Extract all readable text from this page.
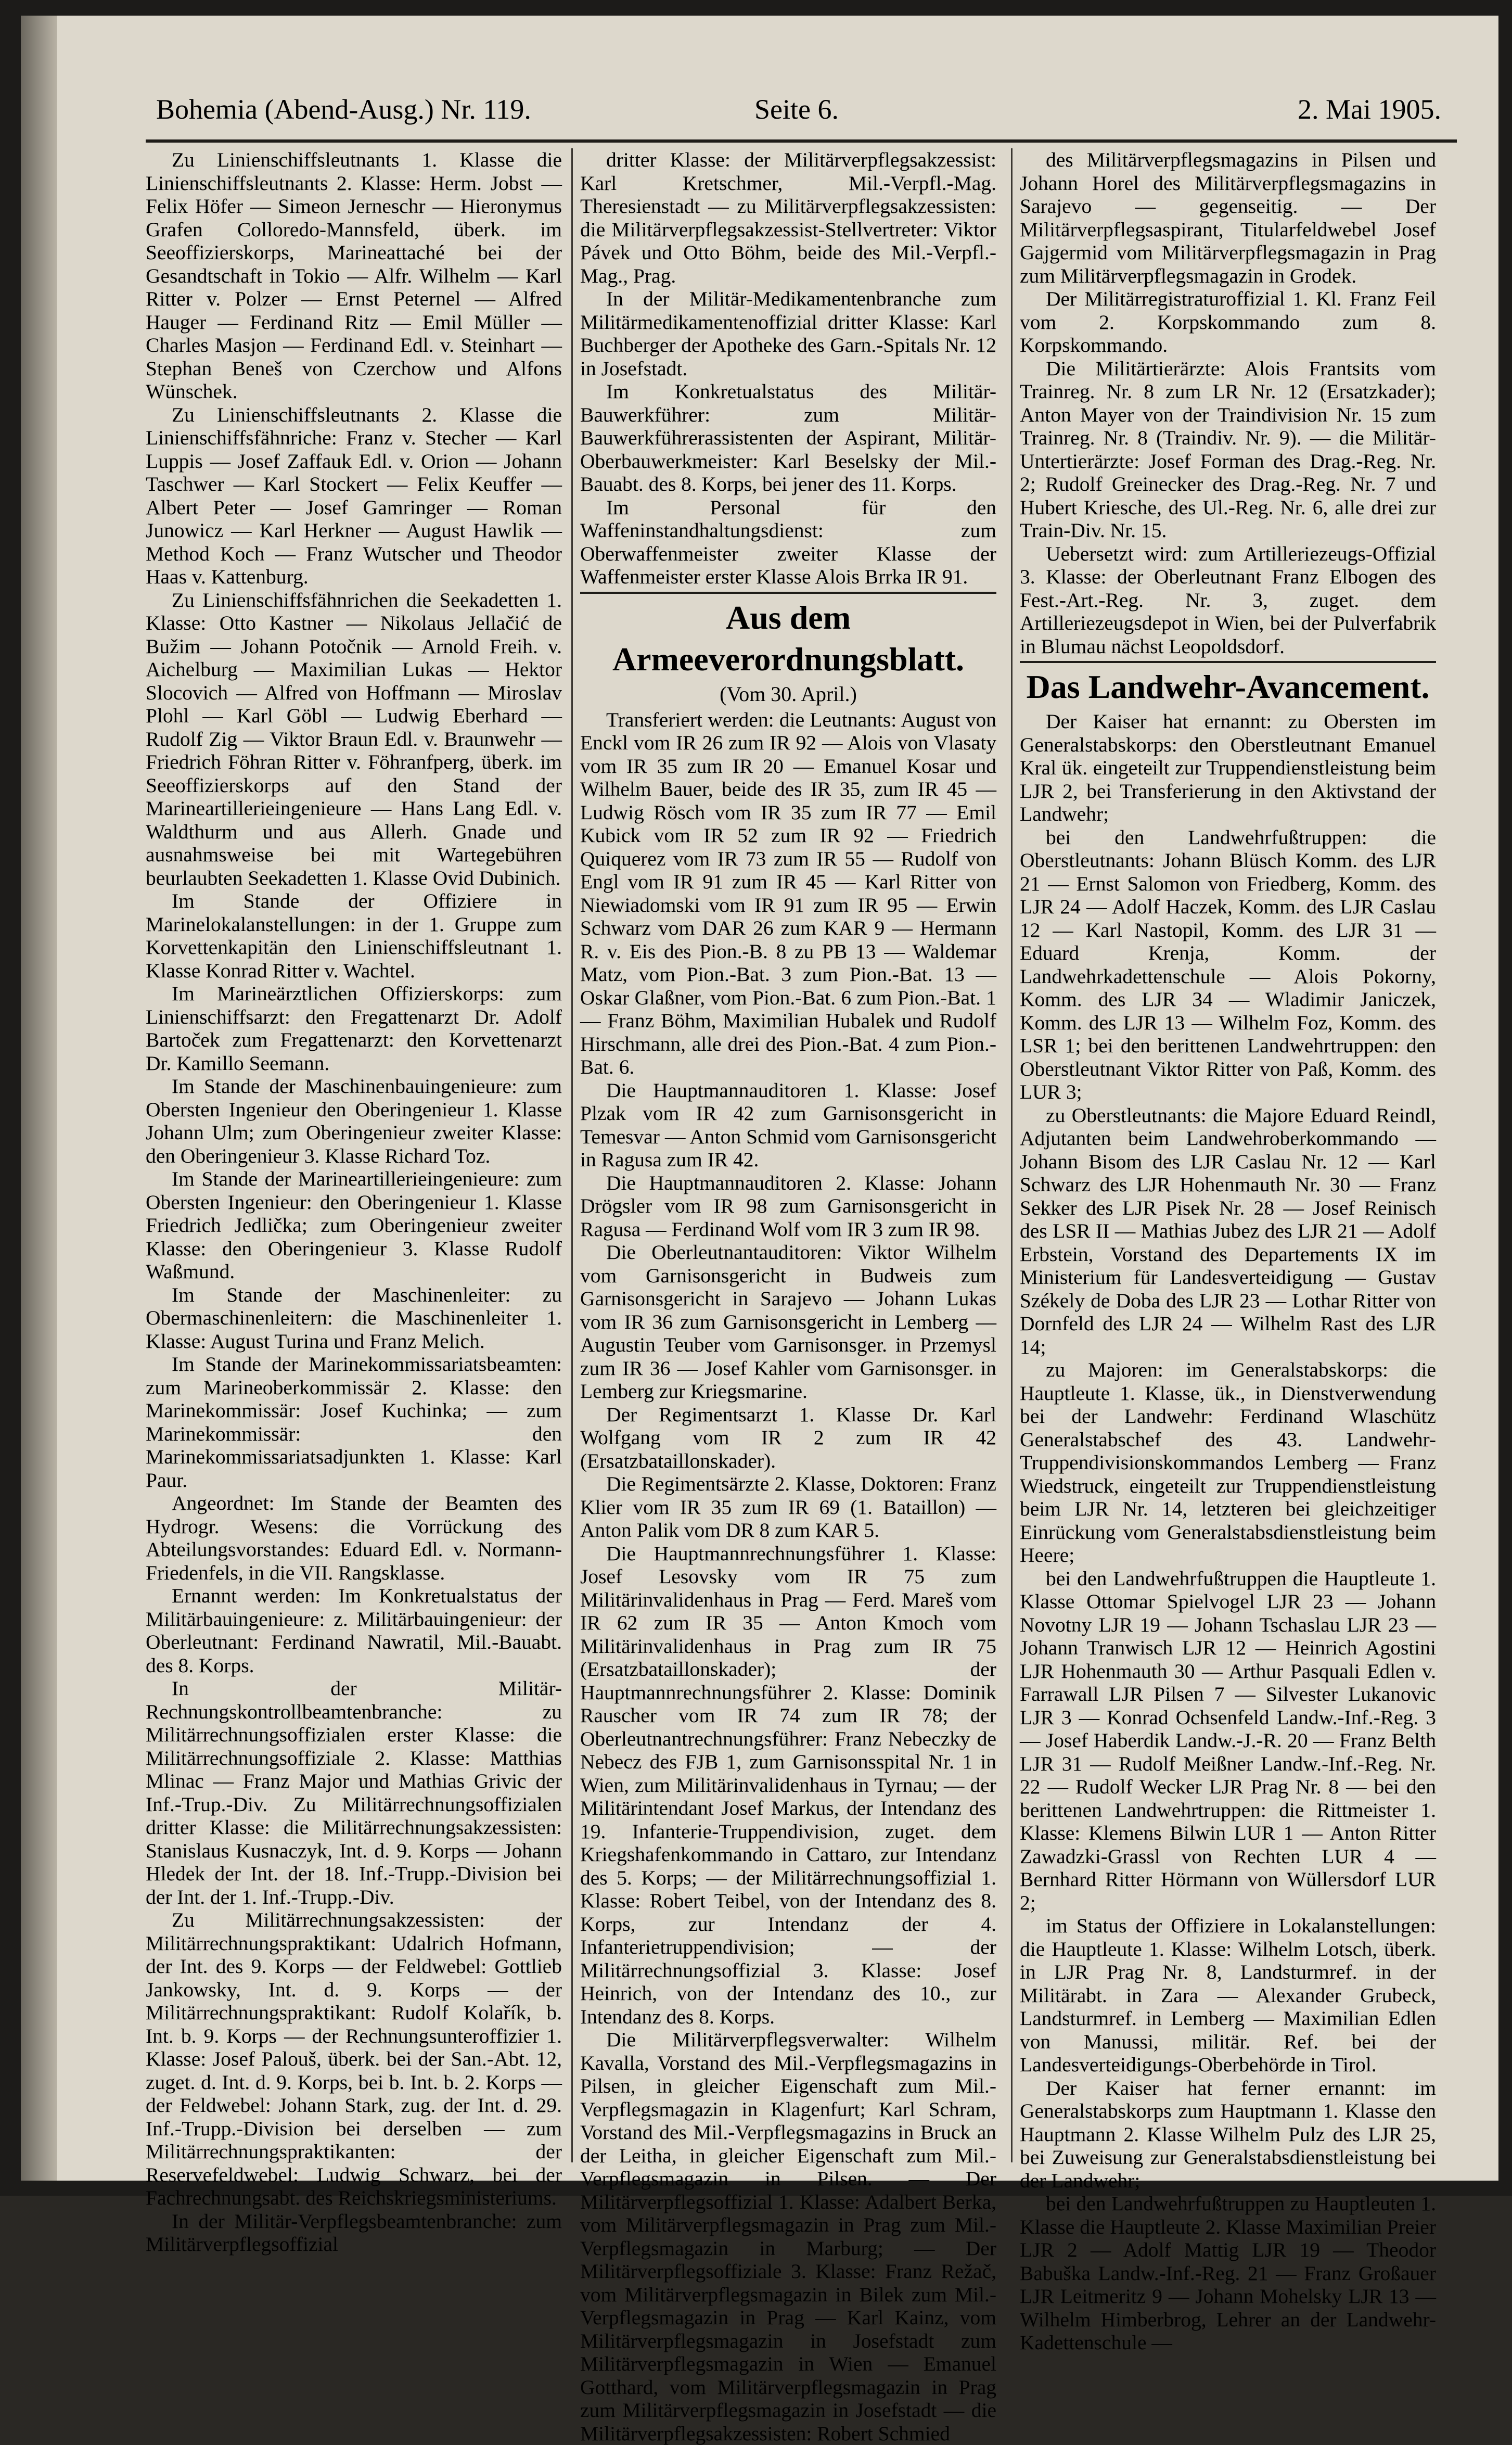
Bohemia (Abend-Ausg.) Nr. 119.	Seite 6.	2. Mai 1905.

Zu Linienschiffsleutnants 1. Klasse die Linienschiffsleutnants 2. Klasse: Herm. Jobst — Felix Höfer — Simeon Jerneschr — Hieronymus Grafen Colloredo-Mannsfeld, überk. im Seeoffizierskorps, Marineattaché bei der Gesandtschaft in Tokio — Alfr. Wilhelm — Karl Ritter v. Polzer — Ernst Peternel — Alfred Hauger — Ferdinand Ritz — Emil Müller — Charles Masjon — Ferdinand Edl. v. Steinhart — Stephan Beneš von Czerchow und Alfons Wünschek.

Zu Linienschiffsleutnants 2. Klasse die Linienschiffsfähnriche: Franz v. Stecher — Karl Luppis — Josef Zaffauk Edl. v. Orion — Johann Taschwer — Karl Stockert — Felix Keuffer — Albert Peter — Josef Gamringer — Roman Junowicz — Karl Herkner — August Hawlik — Method Koch — Franz Wutscher und Theodor Haas v. Kattenburg.

Zu Linienschiffsfähnrichen die Seekadetten 1. Klasse: Otto Kastner — Nikolaus Jellačić de Bužim — Johann Potočnik — Arnold Freih. v. Aichelburg — Maximilian Lukas — Hektor Slocovich — Alfred von Hoffmann — Miroslav Plohl — Karl Göbl — Ludwig Eberhard — Rudolf Zig — Viktor Braun Edl. v. Braunwehr — Friedrich Föhran Ritter v. Föhranfperg, überk. im Seeoffizierskorps auf den Stand der Marineartillerieingenieure — Hans Lang Edl. v. Waldthurm und aus Allerh. Gnade und ausnahmsweise bei mit Wartegebühren beurlaubten Seekadetten 1. Klasse Ovid Dubinich.

Im Stande der Offiziere in Marinelokalanstellungen: in der 1. Gruppe zum Korvettenkapitän den Linienschiffsleutnant 1. Klasse Konrad Ritter v. Wachtel.

Im Marineärztlichen Offizierskorps: zum Linienschiffsarzt: den Fregattenarzt Dr. Adolf Bartoček zum Fregattenarzt: den Korvettenarzt Dr. Kamillo Seemann.

Im Stande der Maschinenbauingenieure: zum Obersten Ingenieur den Oberingenieur 1. Klasse Johann Ulm; zum Oberingenieur zweiter Klasse: den Oberingenieur 3. Klasse Richard Toz.

Im Stande der Marineartillerieingenieure: zum Obersten Ingenieur: den Oberingenieur 1. Klasse Friedrich Jedlička; zum Oberingenieur zweiter Klasse: den Oberingenieur 3. Klasse Rudolf Waßmund.

Im Stande der Maschinenleiter: zu Obermaschinenleitern: die Maschinenleiter 1. Klasse: August Turina und Franz Melich.

Im Stande der Marinekommissariatsbeamten: zum Marineoberkommissär 2. Klasse: den Marinekommissär: Josef Kuchinka; — zum Marinekommissär: den Marinekommissariatsadjunkten 1. Klasse: Karl Paur.

Angeordnet: Im Stande der Beamten des Hydrogr. Wesens: die Vorrückung des Abteilungsvorstandes: Eduard Edl. v. Normann-Friedenfels, in die VII. Rangsklasse.

Ernannt werden: Im Konkretualstatus der Militärbauingenieure: z. Militärbauingenieur: der Oberleutnant: Ferdinand Nawratil, Mil.-Bauabt. des 8. Korps.

In der Militär-Rechnungskontrollbeamtenbranche: zu Militärrechnungsoffizialen erster Klasse: die Militärrechnungsoffiziale 2. Klasse: Matthias Mlinac — Franz Major und Mathias Grivic der Inf.-Trup.-Div. Zu Militärrechnungsoffizialen dritter Klasse: die Militärrechnungsakzessisten: Stanislaus Kusnaczyk, Int. d. 9. Korps — Johann Hledek der Int. der 18. Inf.-Trupp.-Division bei der Int. der 1. Inf.-Trupp.-Div.

Zu Militärrechnungsakzessisten: der Militärrechnungspraktikant: Udalrich Hofmann, der Int. des 9. Korps — der Feldwebel: Gottlieb Jankowsky, Int. d. 9. Korps — der Militärrechnungspraktikant: Rudolf Kolařík, b. Int. b. 9. Korps — der Rechnungsunteroffizier 1. Klasse: Josef Palouš, überk. bei der San.-Abt. 12, zuget. d. Int. d. 9. Korps, bei b. Int. b. 2. Korps — der Feldwebel: Johann Stark, zug. der Int. d. 29. Inf.-Trupp.-Division bei derselben — zum Militärrechnungspraktikanten: der Reservefeldwebel: Ludwig Schwarz, bei der Fachrechnungsabt. des Reichskriegsministeriums.

In der Militär-Verpflegsbeamtenbranche: zum Militärverpflegsoffizial

dritter Klasse: der Militärverpflegsakzessist: Karl Kretschmer, Mil.-Verpfl.-Mag. Theresienstadt — zu Militärverpflegsakzessisten: die Militärverpflegsakzessist-Stellvertreter: Viktor Pávek und Otto Böhm, beide des Mil.-Verpfl.-Mag., Prag.

In der Militär-Medikamentenbranche zum Militärmedikamentenoffizial dritter Klasse: Karl Buchberger der Apotheke des Garn.-Spitals Nr. 12 in Josefstadt.

Im Konkretualstatus des Militär-Bauwerkführer: zum Militär-Bauwerkführerassistenten der Aspirant, Militär-Oberbauwerkmeister: Karl Beselsky der Mil.-Bauabt. des 8. Korps, bei jener des 11. Korps.

Im Personal für den Waffeninstandhaltungsdienst: zum Oberwaffenmeister zweiter Klasse der Waffenmeister erster Klasse Alois Brrka IR 91.

Aus dem Armeeverordnungsblatt.
(Vom 30. April.)

Transferiert werden: die Leutnants: August von Enckl vom IR 26 zum IR 92 — Alois von Vlasaty vom IR 35 zum IR 20 — Emanuel Kosar und Wilhelm Bauer, beide des IR 35, zum IR 45 — Ludwig Rösch vom IR 35 zum IR 77 — Emil Kubick vom IR 52 zum IR 92 — Friedrich Quiquerez vom IR 73 zum IR 55 — Rudolf von Engl vom IR 91 zum IR 45 — Karl Ritter von Niewiadomski vom IR 91 zum IR 95 — Erwin Schwarz vom DAR 26 zum KAR 9 — Hermann R. v. Eis des Pion.-B. 8 zu PB 13 — Waldemar Matz, vom Pion.-Bat. 3 zum Pion.-Bat. 13 — Oskar Glaßner, vom Pion.-Bat. 6 zum Pion.-Bat. 1 — Franz Böhm, Maximilian Hubalek und Rudolf Hirschmann, alle drei des Pion.-Bat. 4 zum Pion.-Bat. 6.

Die Hauptmannauditoren 1. Klasse: Josef Plzak vom IR 42 zum Garnisonsgericht in Temesvar — Anton Schmid vom Garnisonsgericht in Ragusa zum IR 42.

Die Hauptmannauditoren 2. Klasse: Johann Drögsler vom IR 98 zum Garnisonsgericht in Ragusa — Ferdinand Wolf vom IR 3 zum IR 98.

Die Oberleutnantauditoren: Viktor Wilhelm vom Garnisonsgericht in Budweis zum Garnisonsgericht in Sarajevo — Johann Lukas vom IR 36 zum Garnisonsgericht in Lemberg — Augustin Teuber vom Garnisonsger. in Przemysl zum IR 36 — Josef Kahler vom Garnisonsger. in Lemberg zur Kriegsmarine.

Der Regimentsarzt 1. Klasse Dr. Karl Wolfgang vom IR 2 zum IR 42 (Ersatzbataillonskader).

Die Regimentsärzte 2. Klasse, Doktoren: Franz Klier vom IR 35 zum IR 69 (1. Bataillon) — Anton Palik vom DR 8 zum KAR 5.

Die Hauptmannrechnungsführer 1. Klasse: Josef Lesovsky vom IR 75 zum Militärinvalidenhaus in Prag — Ferd. Mareš vom IR 62 zum IR 35 — Anton Kmoch vom Militärinvalidenhaus in Prag zum IR 75 (Ersatzbataillonskader); der Hauptmannrechnungsführer 2. Klasse: Dominik Rauscher vom IR 74 zum IR 78; der Oberleutnantrechnungsführer: Franz Nebeczky de Nebecz des FJB 1, zum Garnisonsspital Nr. 1 in Wien, zum Militärinvalidenhaus in Tyrnau; — der Militärintendant Josef Markus, der Intendanz des 19. Infanterie-Truppendivision, zuget. dem Kriegshafenkommando in Cattaro, zur Intendanz des 5. Korps; — der Militärrechnungsoffizial 1. Klasse: Robert Teibel, von der Intendanz des 8. Korps, zur Intendanz der 4. Infanterietruppendivision; — der Militärrechnungsoffizial 3. Klasse: Josef Heinrich, von der Intendanz des 10., zur Intendanz des 8. Korps.

Die Militärverpflegsverwalter: Wilhelm Kavalla, Vorstand des Mil.-Verpflegsmagazins in Pilsen, in gleicher Eigenschaft zum Mil.-Verpflegsmagazin in Klagenfurt; Karl Schram, Vorstand des Mil.-Verpflegsmagazins in Bruck an der Leitha, in gleicher Eigenschaft zum Mil.-Verpflegsmagazin in Pilsen. — Der Militärverpflegsoffizial 1. Klasse: Adalbert Berka, vom Militärverpflegsmagazin in Prag zum Mil.-Verpflegsmagazin in Marburg; — Der Militärverpflegsoffiziale 3. Klasse: Franz Režač, vom Militärverpflegsmagazin in Bilek zum Mil.-Verpflegsmagazin in Prag — Karl Kainz, vom Militärverpflegsmagazin in Josefstadt zum Militärverpflegsmagazin in Wien — Emanuel Gotthard, vom Militärverpflegsmagazin in Prag zum Militärverpflegsmagazin in Josefstadt — die Militärverpflegsakzessisten: Robert Schmied

des Militärverpflegsmagazins in Pilsen und Johann Horel des Militärverpflegsmagazins in Sarajevo — gegenseitig. — Der Militärverpflegsaspirant, Titularfeldwebel Josef Gajgermid vom Militärverpflegsmagazin in Prag zum Militärverpflegsmagazin in Grodek.

Der Militärregistraturoffizial 1. Kl. Franz Feil vom 2. Korpskommando zum 8. Korpskommando.

Die Militärtierärzte: Alois Frantsits vom Trainreg. Nr. 8 zum LR Nr. 12 (Ersatzkader); Anton Mayer von der Traindivision Nr. 15 zum Trainreg. Nr. 8 (Traindiv. Nr. 9). — die Militär-Untertierärzte: Josef Forman des Drag.-Reg. Nr. 2; Rudolf Greinecker des Drag.-Reg. Nr. 7 und Hubert Kriesche, des Ul.-Reg. Nr. 6, alle drei zur Train-Div. Nr. 15.

Uebersetzt wird: zum Artilleriezeugs-Offizial 3. Klasse: der Oberleutnant Franz Elbogen des Fest.-Art.-Reg. Nr. 3, zuget. dem Artilleriezeugsdepot in Wien, bei der Pulverfabrik in Blumau nächst Leopoldsdorf.

Das Landwehr-Avancement.

Der Kaiser hat ernannt: zu Obersten im Generalstabskorps: den Oberstleutnant Emanuel Kral ük. eingeteilt zur Truppendienstleistung beim LJR 2, bei Transferierung in den Aktivstand der Landwehr;

bei den Landwehrfußtruppen: die Oberstleutnants: Johann Blüsch Komm. des LJR 21 — Ernst Salomon von Friedberg, Komm. des LJR 24 — Adolf Haczek, Komm. des LJR Caslau 12 — Karl Nastopil, Komm. des LJR 31 — Eduard Krenja, Komm. der Landwehrkadettenschule — Alois Pokorny, Komm. des LJR 34 — Wladimir Janiczek, Komm. des LJR 13 — Wilhelm Foz, Komm. des LSR 1; bei den berittenen Landwehrtruppen: den Oberstleutnant Viktor Ritter von Paß, Komm. des LUR 3;

zu Oberstleutnants: die Majore Eduard Reindl, Adjutanten beim Landwehroberkommando — Johann Bisom des LJR Caslau Nr. 12 — Karl Schwarz des LJR Hohenmauth Nr. 30 — Franz Sekker des LJR Pisek Nr. 28 — Josef Reinisch des LSR II — Mathias Jubez des LJR 21 — Adolf Erbstein, Vorstand des Departements IX im Ministerium für Landesverteidigung — Gustav Székely de Doba des LJR 23 — Lothar Ritter von Dornfeld des LJR 24 — Wilhelm Rast des LJR 14;

zu Majoren: im Generalstabskorps: die Hauptleute 1. Klasse, ük., in Dienstverwendung bei der Landwehr: Ferdinand Wlaschütz Generalstabschef des 43. Landwehr-Truppendivisionskommandos Lemberg — Franz Wiedstruck, eingeteilt zur Truppendienstleistung beim LJR Nr. 14, letzteren bei gleichzeitiger Einrückung vom Generalstabsdienstleistung beim Heere;

bei den Landwehrfußtruppen die Hauptleute 1. Klasse Ottomar Spielvogel LJR 23 — Johann Novotny LJR 19 — Johann Tschaslau LJR 23 — Johann Tranwisch LJR 12 — Heinrich Agostini LJR Hohenmauth 30 — Arthur Pasquali Edlen v. Farrawall LJR Pilsen 7 — Silvester Lukanovic LJR 3 — Konrad Ochsenfeld Landw.-Inf.-Reg. 3 — Josef Haberdik Landw.-J.-R. 20 — Franz Belth LJR 31 — Rudolf Meißner Landw.-Inf.-Reg. Nr. 22 — Rudolf Wecker LJR Prag Nr. 8 — bei den berittenen Landwehrtruppen: die Rittmeister 1. Klasse: Klemens Bilwin LUR 1 — Anton Ritter Zawadzki-Grassl von Rechten LUR 4 — Bernhard Ritter Hörmann von Wüllersdorf LUR 2;

im Status der Offiziere in Lokalanstellungen: die Hauptleute 1. Klasse: Wilhelm Lotsch, überk. in LJR Prag Nr. 8, Landsturmref. in der Militärabt. in Zara — Alexander Grubeck, Landsturmref. in Lemberg — Maximilian Edlen von Manussi, militär. Ref. bei der Landesverteidigungs-Oberbehörde in Tirol.

Der Kaiser hat ferner ernannt: im Generalstabskorps zum Hauptmann 1. Klasse den Hauptmann 2. Klasse Wilhelm Pulz des LJR 25, bei Zuweisung zur Generalstabsdienstleistung bei der Landwehr;

bei den Landwehrfußtruppen zu Hauptleuten 1. Klasse die Hauptleute 2. Klasse Maximilian Preier LJR 2 — Adolf Mattig LJR 19 — Theodor Babuška Landw.-Inf.-Reg. 21 — Franz Großauer LJR Leitmeritz 9 — Johann Mohelsky LJR 13 — Wilhelm Himberbrog, Lehrer an der Landwehr-Kadettenschule —
